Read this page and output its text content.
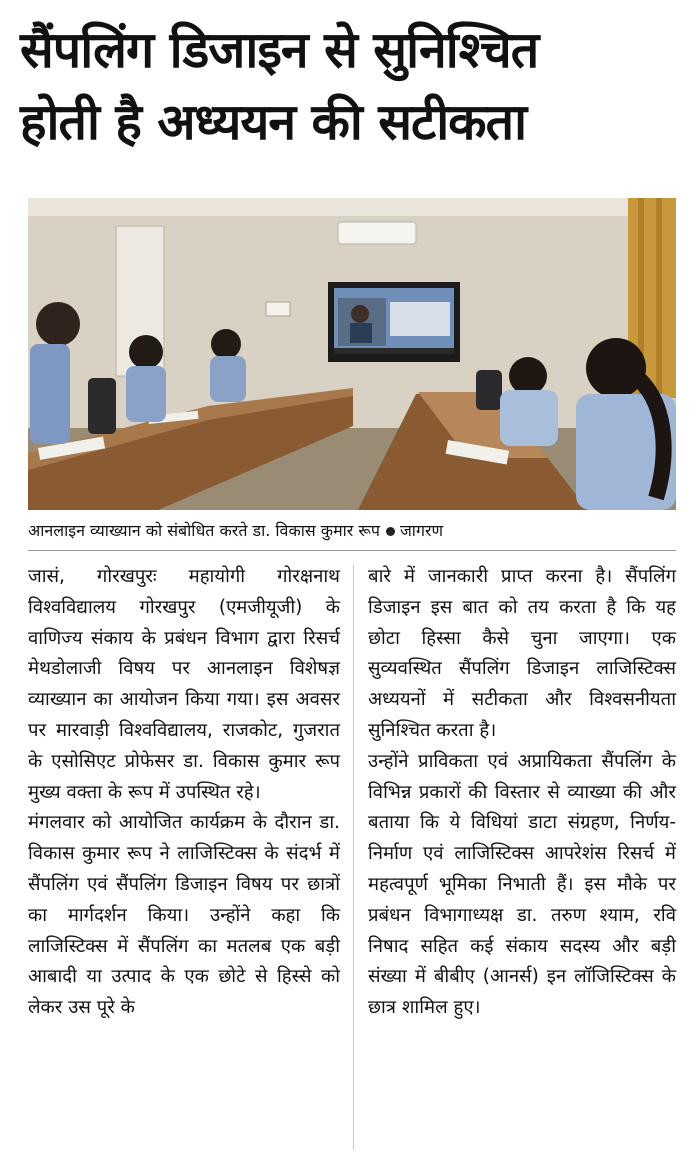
सैंपलिंग डिजाइन से सुनिश्चित
होती है अध्ययन की सटीकता
आनलाइन व्याख्यान को संबोधित करते डा. विकास कुमार रूप जागरण

जासं, गोरखपुरः महायोगी गोरक्षनाथ विश्वविद्यालय गोरखपुर (एमजीयूजी) के वाणिज्य संकाय के प्रबंधन विभाग द्वारा रिसर्च मेथडोलाजी विषय पर आनलाइन विशेषज्ञ व्याख्यान का आयोजन किया गया। इस अवसर पर मारवाड़ी विश्वविद्यालय, राजकोट, गुजरात के एसोसिएट प्रोफेसर डा. विकास कुमार रूप मुख्य वक्ता के रूप में उपस्थित रहे।

मंगलवार को आयोजित कार्यक्रम के दौरान डा. विकास कुमार रूप ने लाजिस्टिक्स के संदर्भ में सैंपलिंग एवं सैंपलिंग डिजाइन विषय पर छात्रों का मार्गदर्शन किया। उन्होंने कहा कि लाजिस्टिक्स में सैंपलिंग का मतलब एक बड़ी आबादी या उत्पाद के एक छोटे से हिस्से को लेकर उस पूरे के

बारे में जानकारी प्राप्त करना है। सैंपलिंग डिजाइन इस बात को तय करता है कि यह छोटा हिस्सा कैसे चुना जाएगा। एक सुव्यवस्थित सैंपलिंग डिजाइन लाजिस्टिक्स अध्ययनों में सटीकता और विश्वसनीयता सुनिश्चित करता है।

उन्होंने प्राविकता एवं अप्रायिकता सैंपलिंग के विभिन्न प्रकारों की विस्तार से व्याख्या की और बताया कि ये विधियां डाटा संग्रहण, निर्णय-निर्माण एवं लाजिस्टिक्स आपरेशंस रिसर्च में महत्वपूर्ण भूमिका निभाती हैं। इस मौके पर प्रबंधन विभागाध्यक्ष डा. तरुण श्याम, रवि निषाद सहित कई संकाय सदस्य और बड़ी संख्या में बीबीए (आनर्स) इन लॉजिस्टिक्स के छात्र शामिल हुए।
